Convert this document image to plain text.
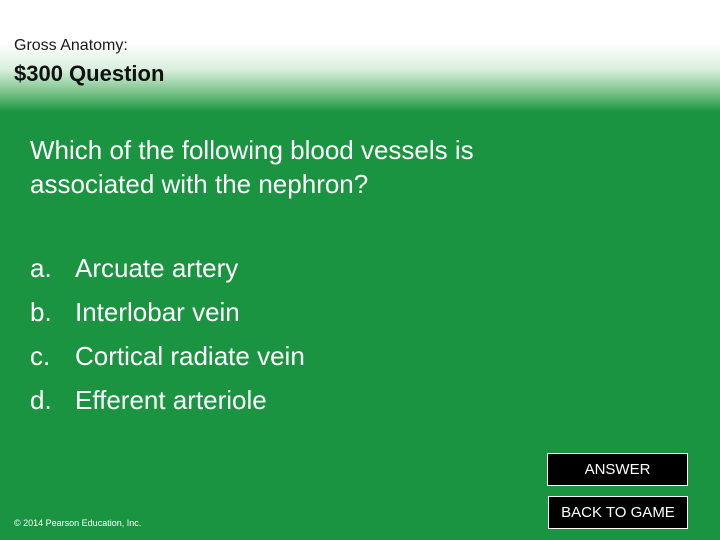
Gross Anatomy:
$300 Question
Which of the following blood vessels is associated with the nephron?
a. Arcuate artery
b. Interlobar vein
c. Cortical radiate vein
d. Efferent arteriole
ANSWER
BACK TO GAME
© 2014 Pearson Education, Inc.
